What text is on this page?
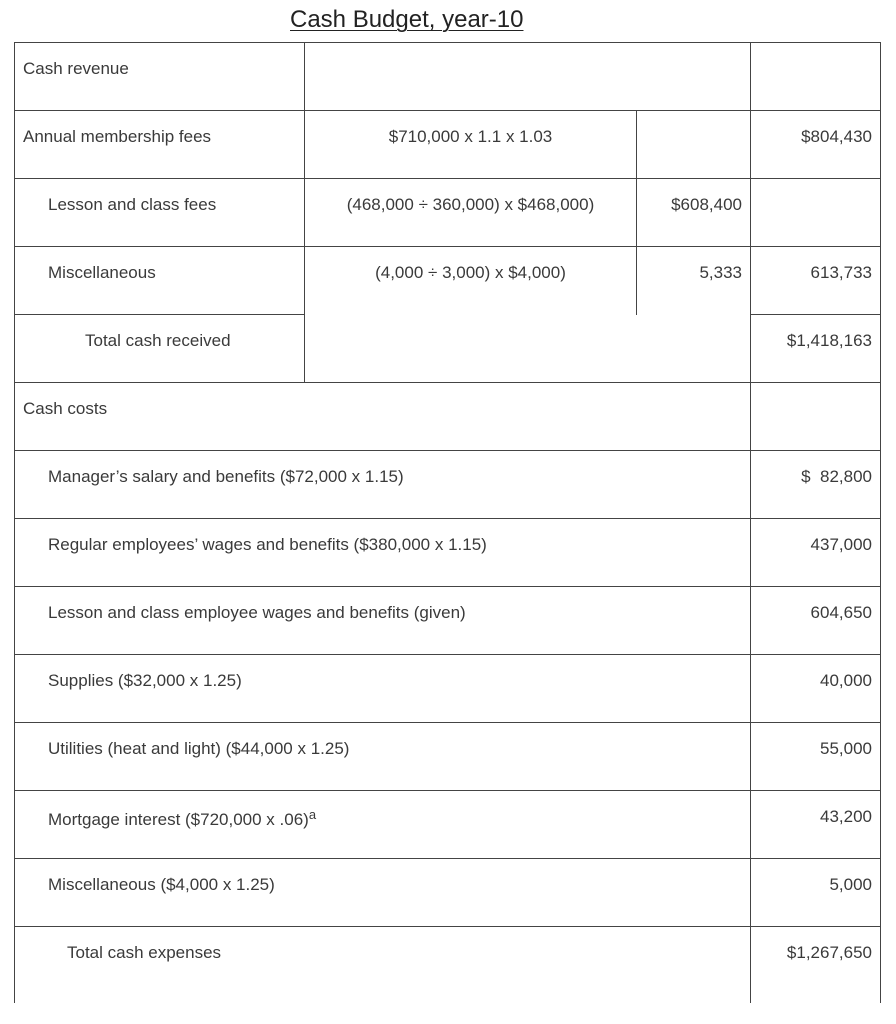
Cash Budget, year-10
Cash revenue			
Annual membership fees	$710,000 x 1.1 x 1.03		$804,430
Lesson and class fees	(468,000 ÷ 360,000) x $468,000)	$608,400	
Miscellaneous	(4,000 ÷ 3,000) x $4,000)	5,333	613,733
Total cash received			$1,418,163
Cash costs			
Manager’s salary and benefits ($72,000 x 1.15)			$  82,800
Regular employees’ wages and benefits ($380,000 x 1.15)			437,000
Lesson and class employee wages and benefits (given)			604,650
Supplies ($32,000 x 1.25)			40,000
Utilities (heat and light) ($44,000 x 1.25)			55,000
Mortgage interest ($720,000 x .06)$^a$			43,200
Miscellaneous ($4,000 x 1.25)			5,000
Total cash expenses			$1,267,650
